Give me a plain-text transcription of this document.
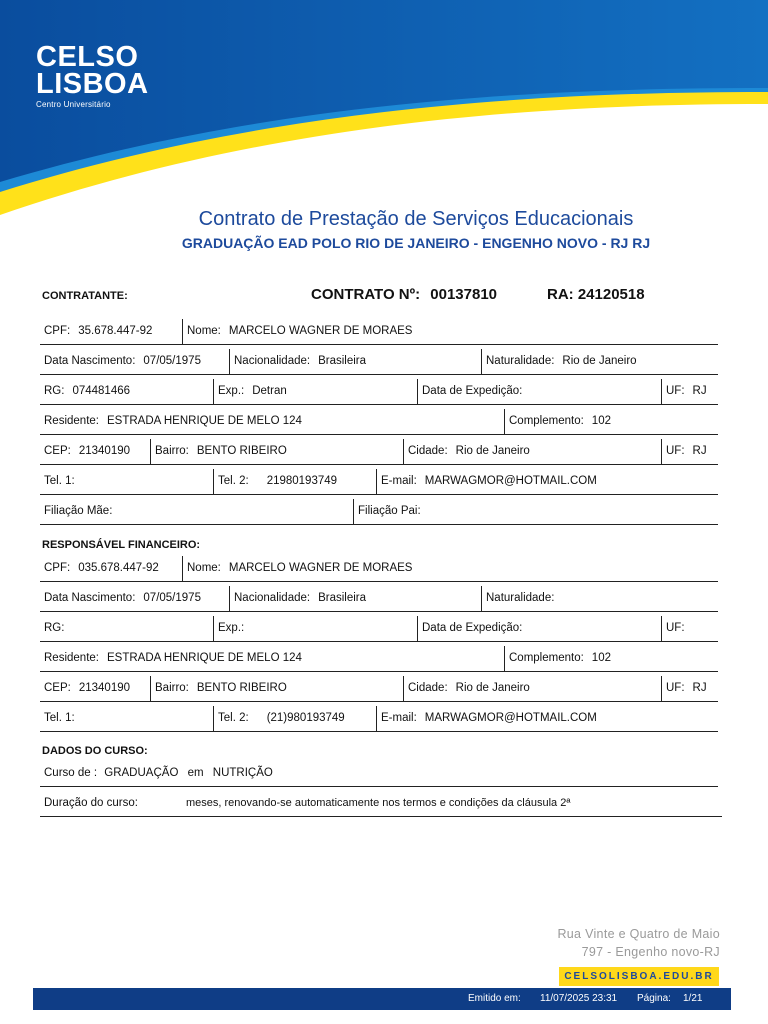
CELSO
LISBOA
Centro Universitário
Contrato de Prestação de Serviços Educacionais
GRADUAÇÃO EAD POLO RIO DE JANEIRO - ENGENHO NOVO - RJ RJ
CONTRATANTE:	CONTRATO Nº: 00137810	RA: 24120518
CPF: 35.678.447-92	Nome: MARCELO WAGNER DE MORAES
Data Nascimento: 07/05/1975	Nacionalidade: Brasileira	Naturalidade: Rio de Janeiro
RG: 074481466	Exp.: Detran	Data de Expedição:	UF: RJ
Residente: ESTRADA HENRIQUE DE MELO 124	Complemento: 102
CEP: 21340190	Bairro: BENTO RIBEIRO	Cidade: Rio de Janeiro	UF: RJ
Tel. 1:	Tel. 2: 21980193749	E-mail: MARWAGMOR@HOTMAIL.COM
Filiação Mãe:	Filiação Pai:
RESPONSÁVEL FINANCEIRO:
CPF: 035.678.447-92	Nome: MARCELO WAGNER DE MORAES
Data Nascimento: 07/05/1975	Nacionalidade: Brasileira	Naturalidade:
RG:	Exp.:	Data de Expedição:	UF:
Residente: ESTRADA HENRIQUE DE MELO 124	Complemento: 102
CEP: 21340190	Bairro: BENTO RIBEIRO	Cidade: Rio de Janeiro	UF: RJ
Tel. 1:	Tel. 2: (21)980193749	E-mail: MARWAGMOR@HOTMAIL.COM
DADOS DO CURSO:
Curso de : GRADUAÇÃO em NUTRIÇÃO
Duração do curso:	meses, renovando-se automaticamente nos termos e condições da cláusula 2ª
Rua Vinte e Quatro de Maio
797 - Engenho novo-RJ
CELSOLISBOA.EDU.BR
Emitido em: 11/07/2025 23:31 Página: 1/21
